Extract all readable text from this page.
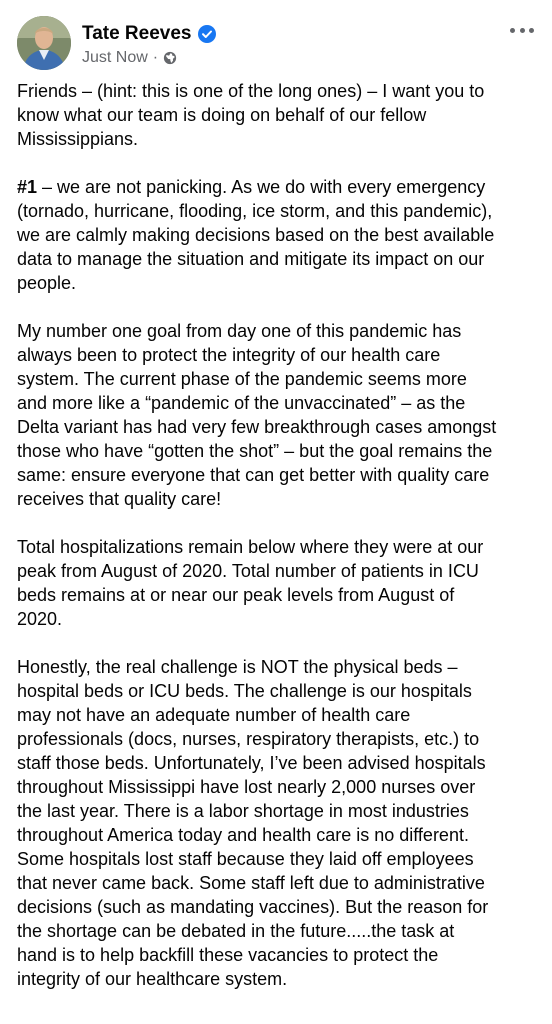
Tate Reeves
Just Now ·

Friends – (hint: this is one of the long ones) – I want you to
know what our team is doing on behalf of our fellow
Mississippians.

#1 – we are not panicking. As we do with every emergency
(tornado, hurricane, flooding, ice storm, and this pandemic),
we are calmly making decisions based on the best available
data to manage the situation and mitigate its impact on our
people.

My number one goal from day one of this pandemic has
always been to protect the integrity of our health care
system. The current phase of the pandemic seems more
and more like a “pandemic of the unvaccinated” – as the
Delta variant has had very few breakthrough cases amongst
those who have “gotten the shot” – but the goal remains the
same: ensure everyone that can get better with quality care
receives that quality care!

Total hospitalizations remain below where they were at our
peak from August of 2020. Total number of patients in ICU
beds remains at or near our peak levels from August of
2020.

Honestly, the real challenge is NOT the physical beds –
hospital beds or ICU beds. The challenge is our hospitals
may not have an adequate number of health care
professionals (docs, nurses, respiratory therapists, etc.) to
staff those beds. Unfortunately, I’ve been advised hospitals
throughout Mississippi have lost nearly 2,000 nurses over
the last year. There is a labor shortage in most industries
throughout America today and health care is no different.
Some hospitals lost staff because they laid off employees
that never came back. Some staff left due to administrative
decisions (such as mandating vaccines). But the reason for
the shortage can be debated in the future.....the task at
hand is to help backfill these vacancies to protect the
integrity of our healthcare system.
